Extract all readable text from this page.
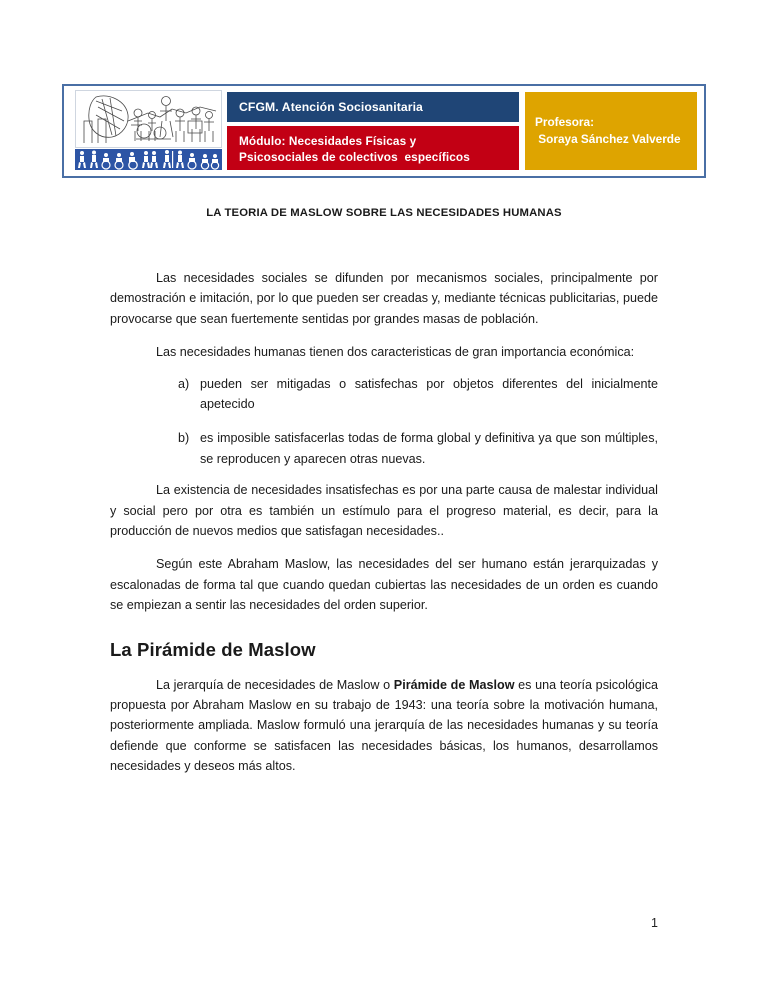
CFGM. Atención Sociosanitaria
Módulo: Necesidades Físicas y
Psicosociales de colectivos  específicos
Profesora:
Soraya Sánchez Valverde
LA TEORIA DE MASLOW SOBRE LAS NECESIDADES HUMANAS

Las necesidades sociales se difunden por mecanismos sociales, principalmente por demostración e imitación, por lo que pueden ser creadas y, mediante técnicas publicitarias, puede provocarse que sean fuertemente sentidas por grandes masas de población.

Las necesidades humanas tienen dos caracteristicas de gran importancia económica:

pueden ser mitigadas o satisfechas por objetos diferentes del inicialmente apetecido
es imposible satisfacerlas todas de forma global y definitiva ya que son múltiples, se reproducen y aparecen otras nuevas.

La existencia de necesidades insatisfechas es por una parte causa de malestar individual y social pero por otra es también un estímulo para el progreso material, es decir, para la producción de nuevos medios que satisfagan necesidades..

Según este Abraham Maslow, las necesidades del ser humano están jerarquizadas y escalonadas de forma tal que cuando quedan cubiertas las necesidades de un orden es cuando se empiezan a sentir las necesidades del orden superior.

La Pirámide de Maslow

La jerarquía de necesidades de Maslow o Pirámide de Maslow es una teoría psicológica propuesta por Abraham Maslow en su trabajo de 1943: una teoría sobre la motivación humana, posteriormente ampliada. Maslow formuló una jerarquía de las necesidades humanas y su teoría defiende que conforme se satisfacen las necesidades básicas, los humanos, desarrollamos necesidades y deseos más altos.

1
